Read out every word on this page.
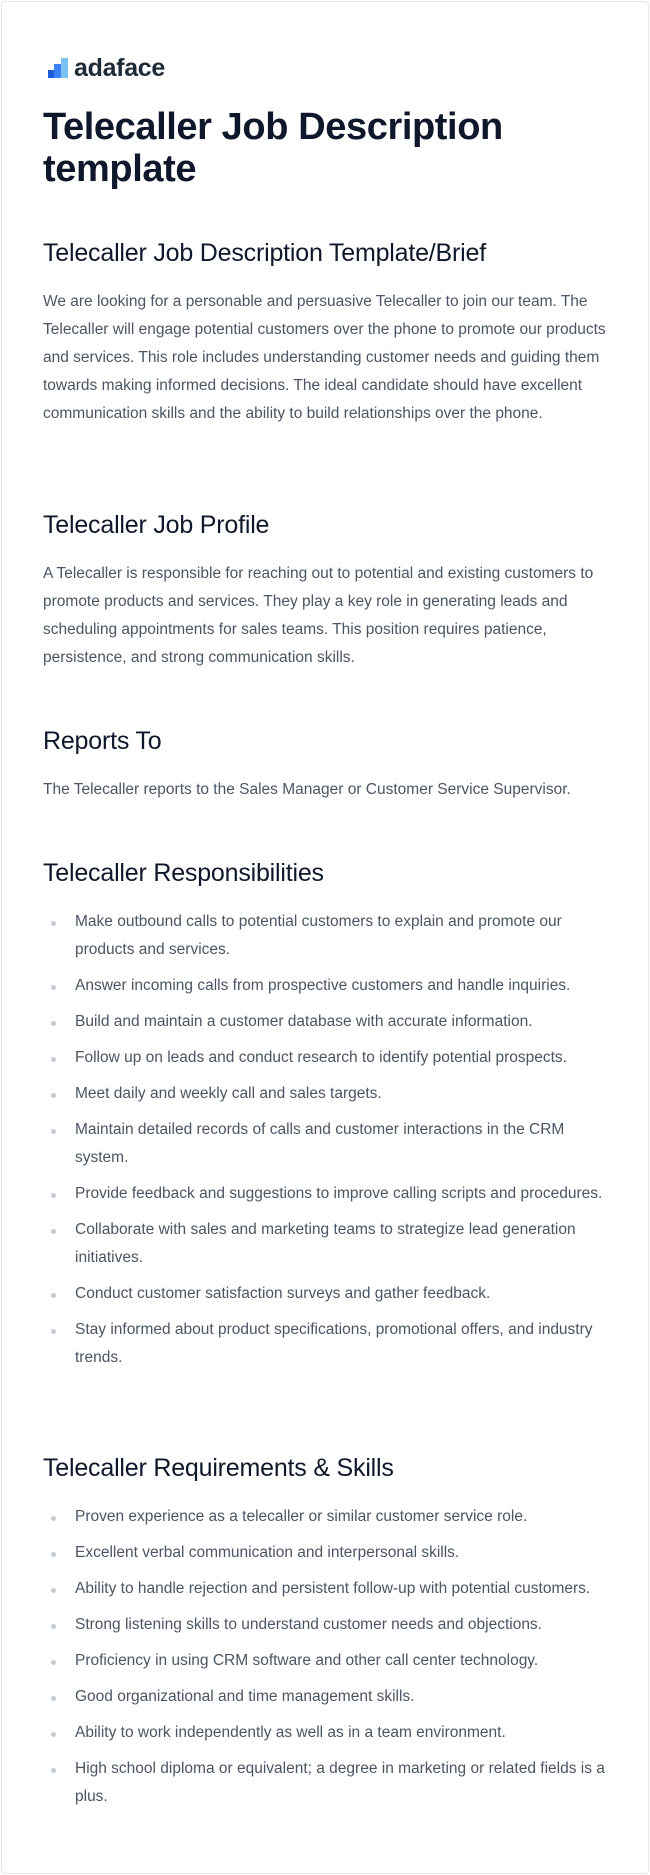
adaface
Telecaller Job Description template
Telecaller Job Description Template/Brief

We are looking for a personable and persuasive Telecaller to join our team. The Telecaller will engage potential customers over the phone to promote our products and services. This role includes understanding customer needs and guiding them towards making informed decisions. The ideal candidate should have excellent communication skills and the ability to build relationships over the phone.

Telecaller Job Profile

A Telecaller is responsible for reaching out to potential and existing customers to promote products and services. They play a key role in generating leads and scheduling appointments for sales teams. This position requires patience, persistence, and strong communication skills.

Reports To

The Telecaller reports to the Sales Manager or Customer Service Supervisor.

Telecaller Responsibilities
Make outbound calls to potential customers to explain and promote our products and services.
Answer incoming calls from prospective customers and handle inquiries.
Build and maintain a customer database with accurate information.
Follow up on leads and conduct research to identify potential prospects.
Meet daily and weekly call and sales targets.
Maintain detailed records of calls and customer interactions in the CRM system.
Provide feedback and suggestions to improve calling scripts and procedures.
Collaborate with sales and marketing teams to strategize lead generation initiatives.
Conduct customer satisfaction surveys and gather feedback.
Stay informed about product specifications, promotional offers, and industry trends.
Telecaller Requirements & Skills
Proven experience as a telecaller or similar customer service role.
Excellent verbal communication and interpersonal skills.
Ability to handle rejection and persistent follow-up with potential customers.
Strong listening skills to understand customer needs and objections.
Proficiency in using CRM software and other call center technology.
Good organizational and time management skills.
Ability to work independently as well as in a team environment.
High school diploma or equivalent; a degree in marketing or related fields is a plus.
